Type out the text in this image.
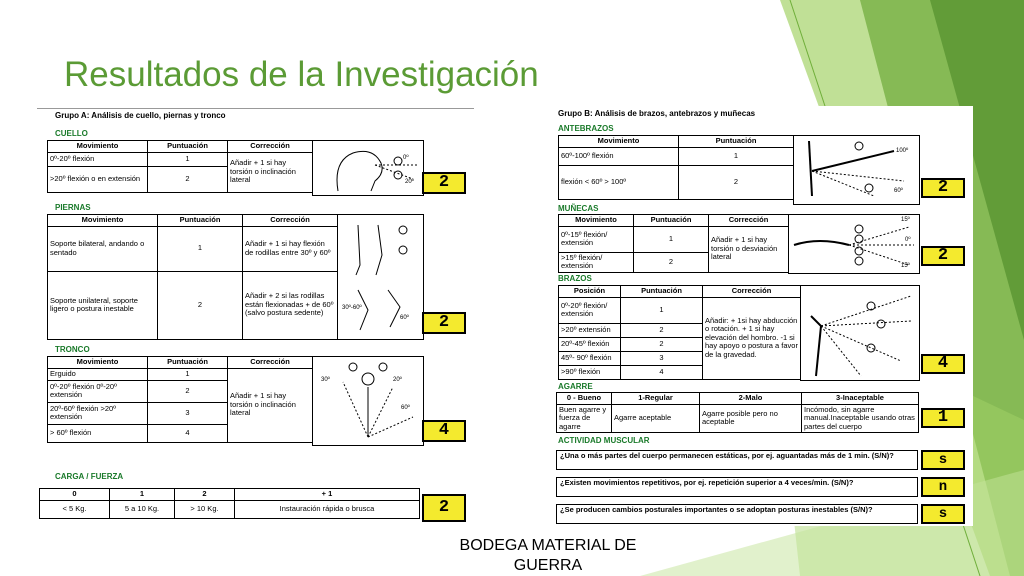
Resultados de la Investigación
Grupo A: Análisis de cuello, piernas y tronco
CUELLO
Movimiento	Puntuación	Corrección
0º-20º flexión	1	Añadir + 1 si hay torsión o inclinación lateral
>20º flexión o en extensión	2	
0º
20º	2
PIERNAS
Movimiento	Puntuación	Corrección
Soporte bilateral, andando o sentado	1	Añadir + 1 si hay flexión de rodillas entre 30º y 60º
Soporte unilateral, soporte ligero o postura inestable	2	Añadir + 2 si las rodillas están flexionadas + de 60º (salvo postura sedente)
30º-60º
60º	2
TRONCO
Movimiento	Puntuación	Corrección
Erguido	1	Añadir + 1 si hay torsión o inclinación lateral
0º-20º flexión 0º-20º extensión	2	
20º-60º flexión >20º extensión	3	
> 60º flexión	4	
30º	20º
60º
4
CARGA / FUERZA
0	1	2	+ 1
< 5 Kg.	5 a 10 Kg.	> 10 Kg.	Instauración rápida o brusca	2
Grupo B: Análisis de brazos, antebrazos y muñecas
ANTEBRAZOS
Movimiento	Puntuación
60º-100º flexión	1
flexión < 60º > 100º	2
100º
60º	2
MUÑECAS
Movimiento	Puntuación	Corrección
0º-15º flexión/ extensión	1	Añadir + 1 si hay torsión o desviación lateral
>15º flexión/ extensión	2	
15º
0º
15º
2
BRAZOS
Posición	Puntuación	Corrección
0º-20º flexión/ extensión	1	Añadir: + 1si hay abducción o rotación. + 1 si hay elevación del hombro. -1 si hay apoyo o postura a favor de la gravedad.
>20º extensión	2	
20º-45º flexión	2	
45º- 90º flexión	3	
>90º flexión	4		4
AGARRE
0 - Bueno	1-Regular	2-Malo	3-Inaceptable
Buen agarre y fuerza de agarre	Agarre aceptable	Agarre posible pero no aceptable	Incómodo, sin agarre manual.Inaceptable usando otras partes del cuerpo	1
ACTIVIDAD MUSCULAR
¿Una o más partes del cuerpo permanecen estáticas, por ej. aguantadas más de 1 min. (S/N)?	s
¿Existen movimientos repetitivos, por ej. repetición superior a 4 veces/min. (S/N)?	n
¿Se producen cambios posturales importantes o se adoptan posturas inestables (S/N)?	s
BODEGA MATERIAL DE
GUERRA
